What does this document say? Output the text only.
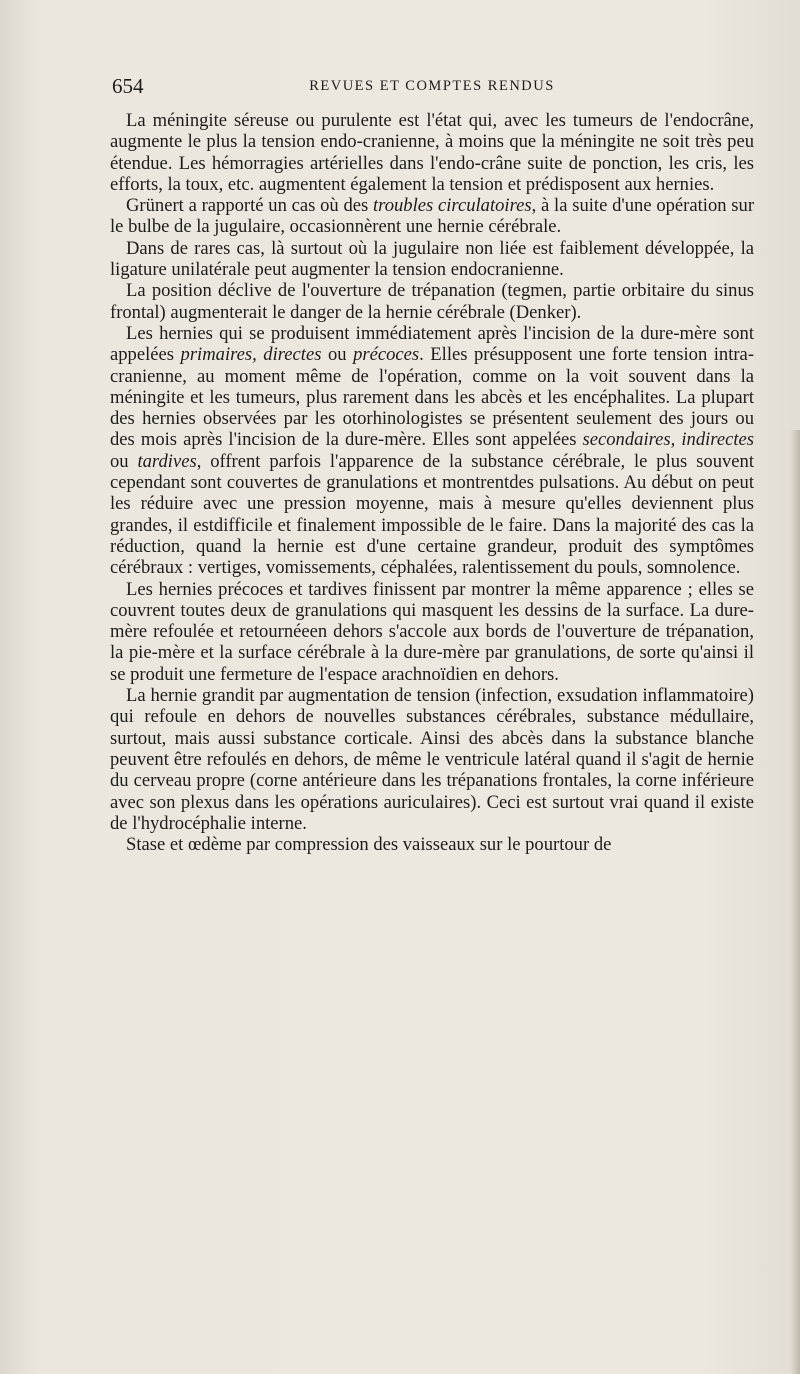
654	REVUES ET COMPTES RENDUS

La méningite séreuse ou purulente est l'état qui, avec les tumeurs de l'endocrâne, augmente le plus la tension endo-cranienne, à moins que la méningite ne soit très peu étendue. Les hémorragies artérielles dans l'endo-crâne suite de ponction, les cris, les efforts, la toux, etc. augmentent également la tension et prédisposent aux hernies.

Grünert a rapporté un cas où des troubles circulatoires, à la suite d'une opération sur le bulbe de la jugulaire, occasionnèrent une hernie cérébrale.

Dans de rares cas, là surtout où la jugulaire non liée est faiblement développée, la ligature unilatérale peut augmenter la tension endocranienne.

La position déclive de l'ouverture de trépanation (tegmen, partie orbitaire du sinus frontal) augmenterait le danger de la hernie cérébrale (Denker).

Les hernies qui se produisent immédiatement après l'incision de la dure-mère sont appelées primaires, directes ou précoces. Elles présupposent une forte tension intra-cranienne, au moment même de l'opération, comme on la voit souvent dans la méningite et les tumeurs, plus rarement dans les abcès et les encéphalites. La plupart des hernies observées par les otorhinologistes se présentent seulement des jours ou des mois après l'incision de la dure-mère. Elles sont appelées secondaires, indirectes ou tardives, offrent parfois l'apparence de la substance cérébrale, le plus souvent cependant sont couvertes de granulations et montrentdes pulsations. Au début on peut les réduire avec une pression moyenne, mais à mesure qu'elles deviennent plus grandes, il estdifficile et finalement impossible de le faire. Dans la majorité des cas la réduction, quand la hernie est d'une certaine grandeur, produit des symptômes cérébraux : vertiges, vomissements, céphalées, ralentissement du pouls, somnolence.

Les hernies précoces et tardives finissent par montrer la même apparence ; elles se couvrent toutes deux de granulations qui masquent les dessins de la surface. La dure-mère refoulée et retournéeen dehors s'accole aux bords de l'ouverture de trépanation, la pie-mère et la surface cérébrale à la dure-mère par granulations, de sorte qu'ainsi il se produit une fermeture de l'espace arachnoïdien en dehors.

La hernie grandit par augmentation de tension (infection, exsudation inflammatoire) qui refoule en dehors de nouvelles substances cérébrales, substance médullaire, surtout, mais aussi substance corticale. Ainsi des abcès dans la substance blanche peuvent être refoulés en dehors, de même le ventricule latéral quand il s'agit de hernie du cerveau propre (corne antérieure dans les trépanations frontales, la corne inférieure avec son plexus dans les opérations auriculaires). Ceci est surtout vrai quand il existe de l'hydrocéphalie interne.

Stase et œdème par compression des vaisseaux sur le pourtour de
